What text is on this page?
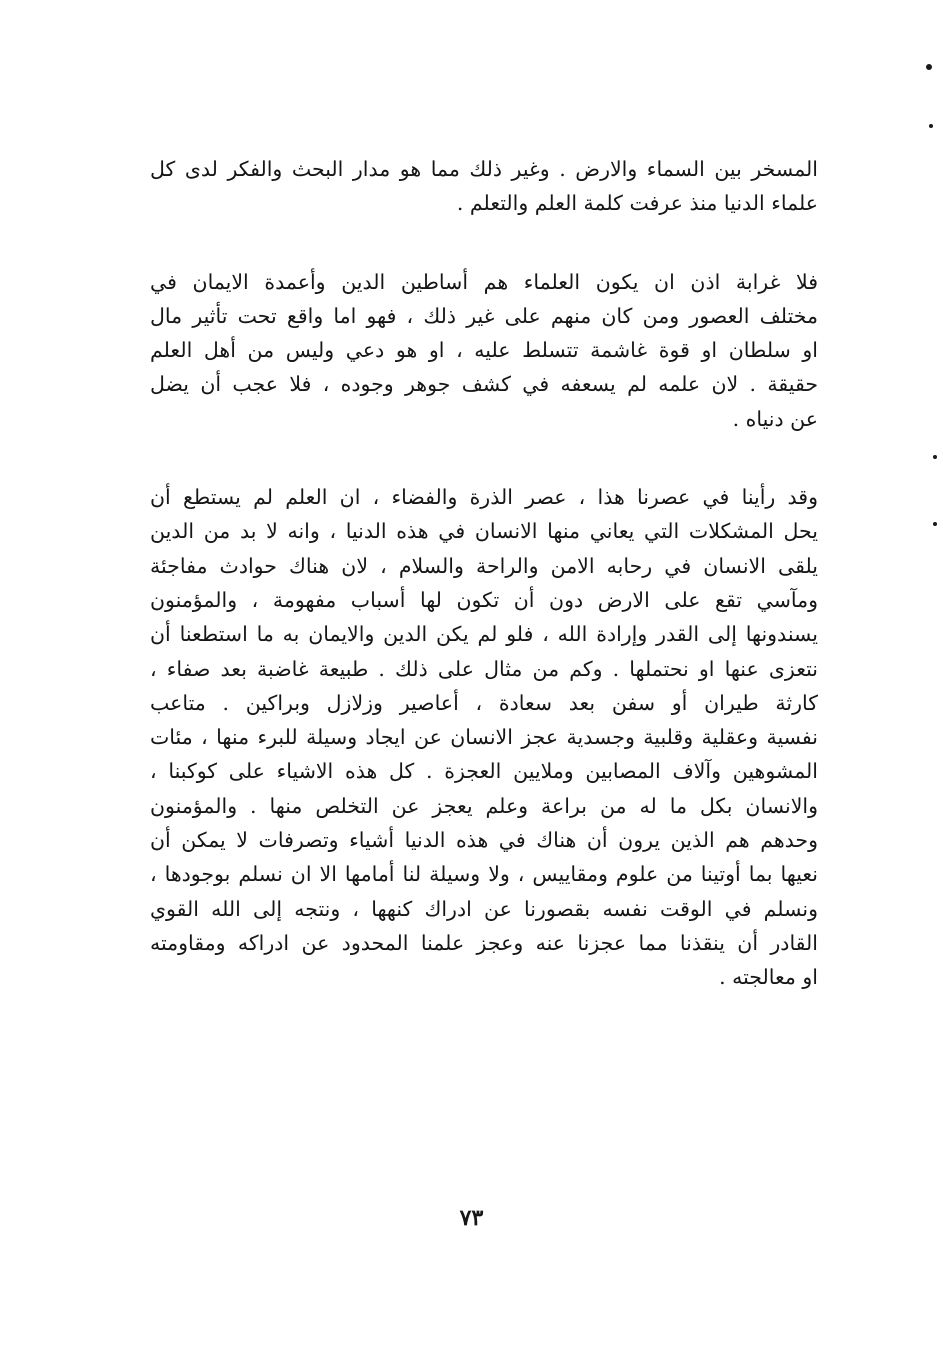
المسخر بين السماء والارض . وغير ذلك مما هو مدار البحث والفكر لدى كل

علماء الدنيا منذ عرفت كلمة العلم والتعلم .

فلا غرابة اذن ان يكون العلماء هم أساطين الدين وأعمدة الايمان في

مختلف العصور ومن كان منهم على غير ذلك ، فهو اما واقع تحت تأثير مال

او سلطان او قوة غاشمة تتسلط عليه ، او هو دعي وليس من أهل العلم

حقيقة . لان علمه لم يسعفه في كشف جوهر وجوده ، فلا عجب أن يضل

عن دنياه .

وقد رأينا في عصرنا هذا ، عصر الذرة والفضاء ، ان العلم لم يستطع أن

يحل المشكلات التي يعاني منها الانسان في هذه الدنيا ، وانه لا بد من الدين

يلقى الانسان في رحابه الامن والراحة والسلام ، لان هناك حوادث مفاجئة

ومآسي تقع على الارض دون أن تكون لها أسباب مفهومة ، والمؤمنون

يسندونها إلى القدر وإرادة الله ، فلو لم يكن الدين والايمان به ما استطعنا أن

نتعزى عنها او نحتملها . وكم من مثال على ذلك . طبيعة غاضبة بعد صفاء ،

كارثة طيران أو سفن بعد سعادة ، أعاصير وزلازل وبراكين . متاعب

نفسية وعقلية وقلبية وجسدية عجز الانسان عن ايجاد وسيلة للبرء منها ، مئات

المشوهين وآلاف المصابين وملايين العجزة . كل هذه الاشياء على كوكبنا ،

والانسان بكل ما له من براعة وعلم يعجز عن التخلص منها . والمؤمنون

وحدهم هم الذين يرون أن هناك في هذه الدنيا أشياء وتصرفات لا يمكن أن

نعيها بما أوتينا من علوم ومقاييس ، ولا وسيلة لنا أمامها الا ان نسلم بوجودها ،

ونسلم في الوقت نفسه بقصورنا عن ادراك كنهها ، ونتجه إلى الله القوي

القادر أن ينقذنا مما عجزنا عنه وعجز علمنا المحدود عن ادراكه ومقاومته

او معالجته .

٧٣
